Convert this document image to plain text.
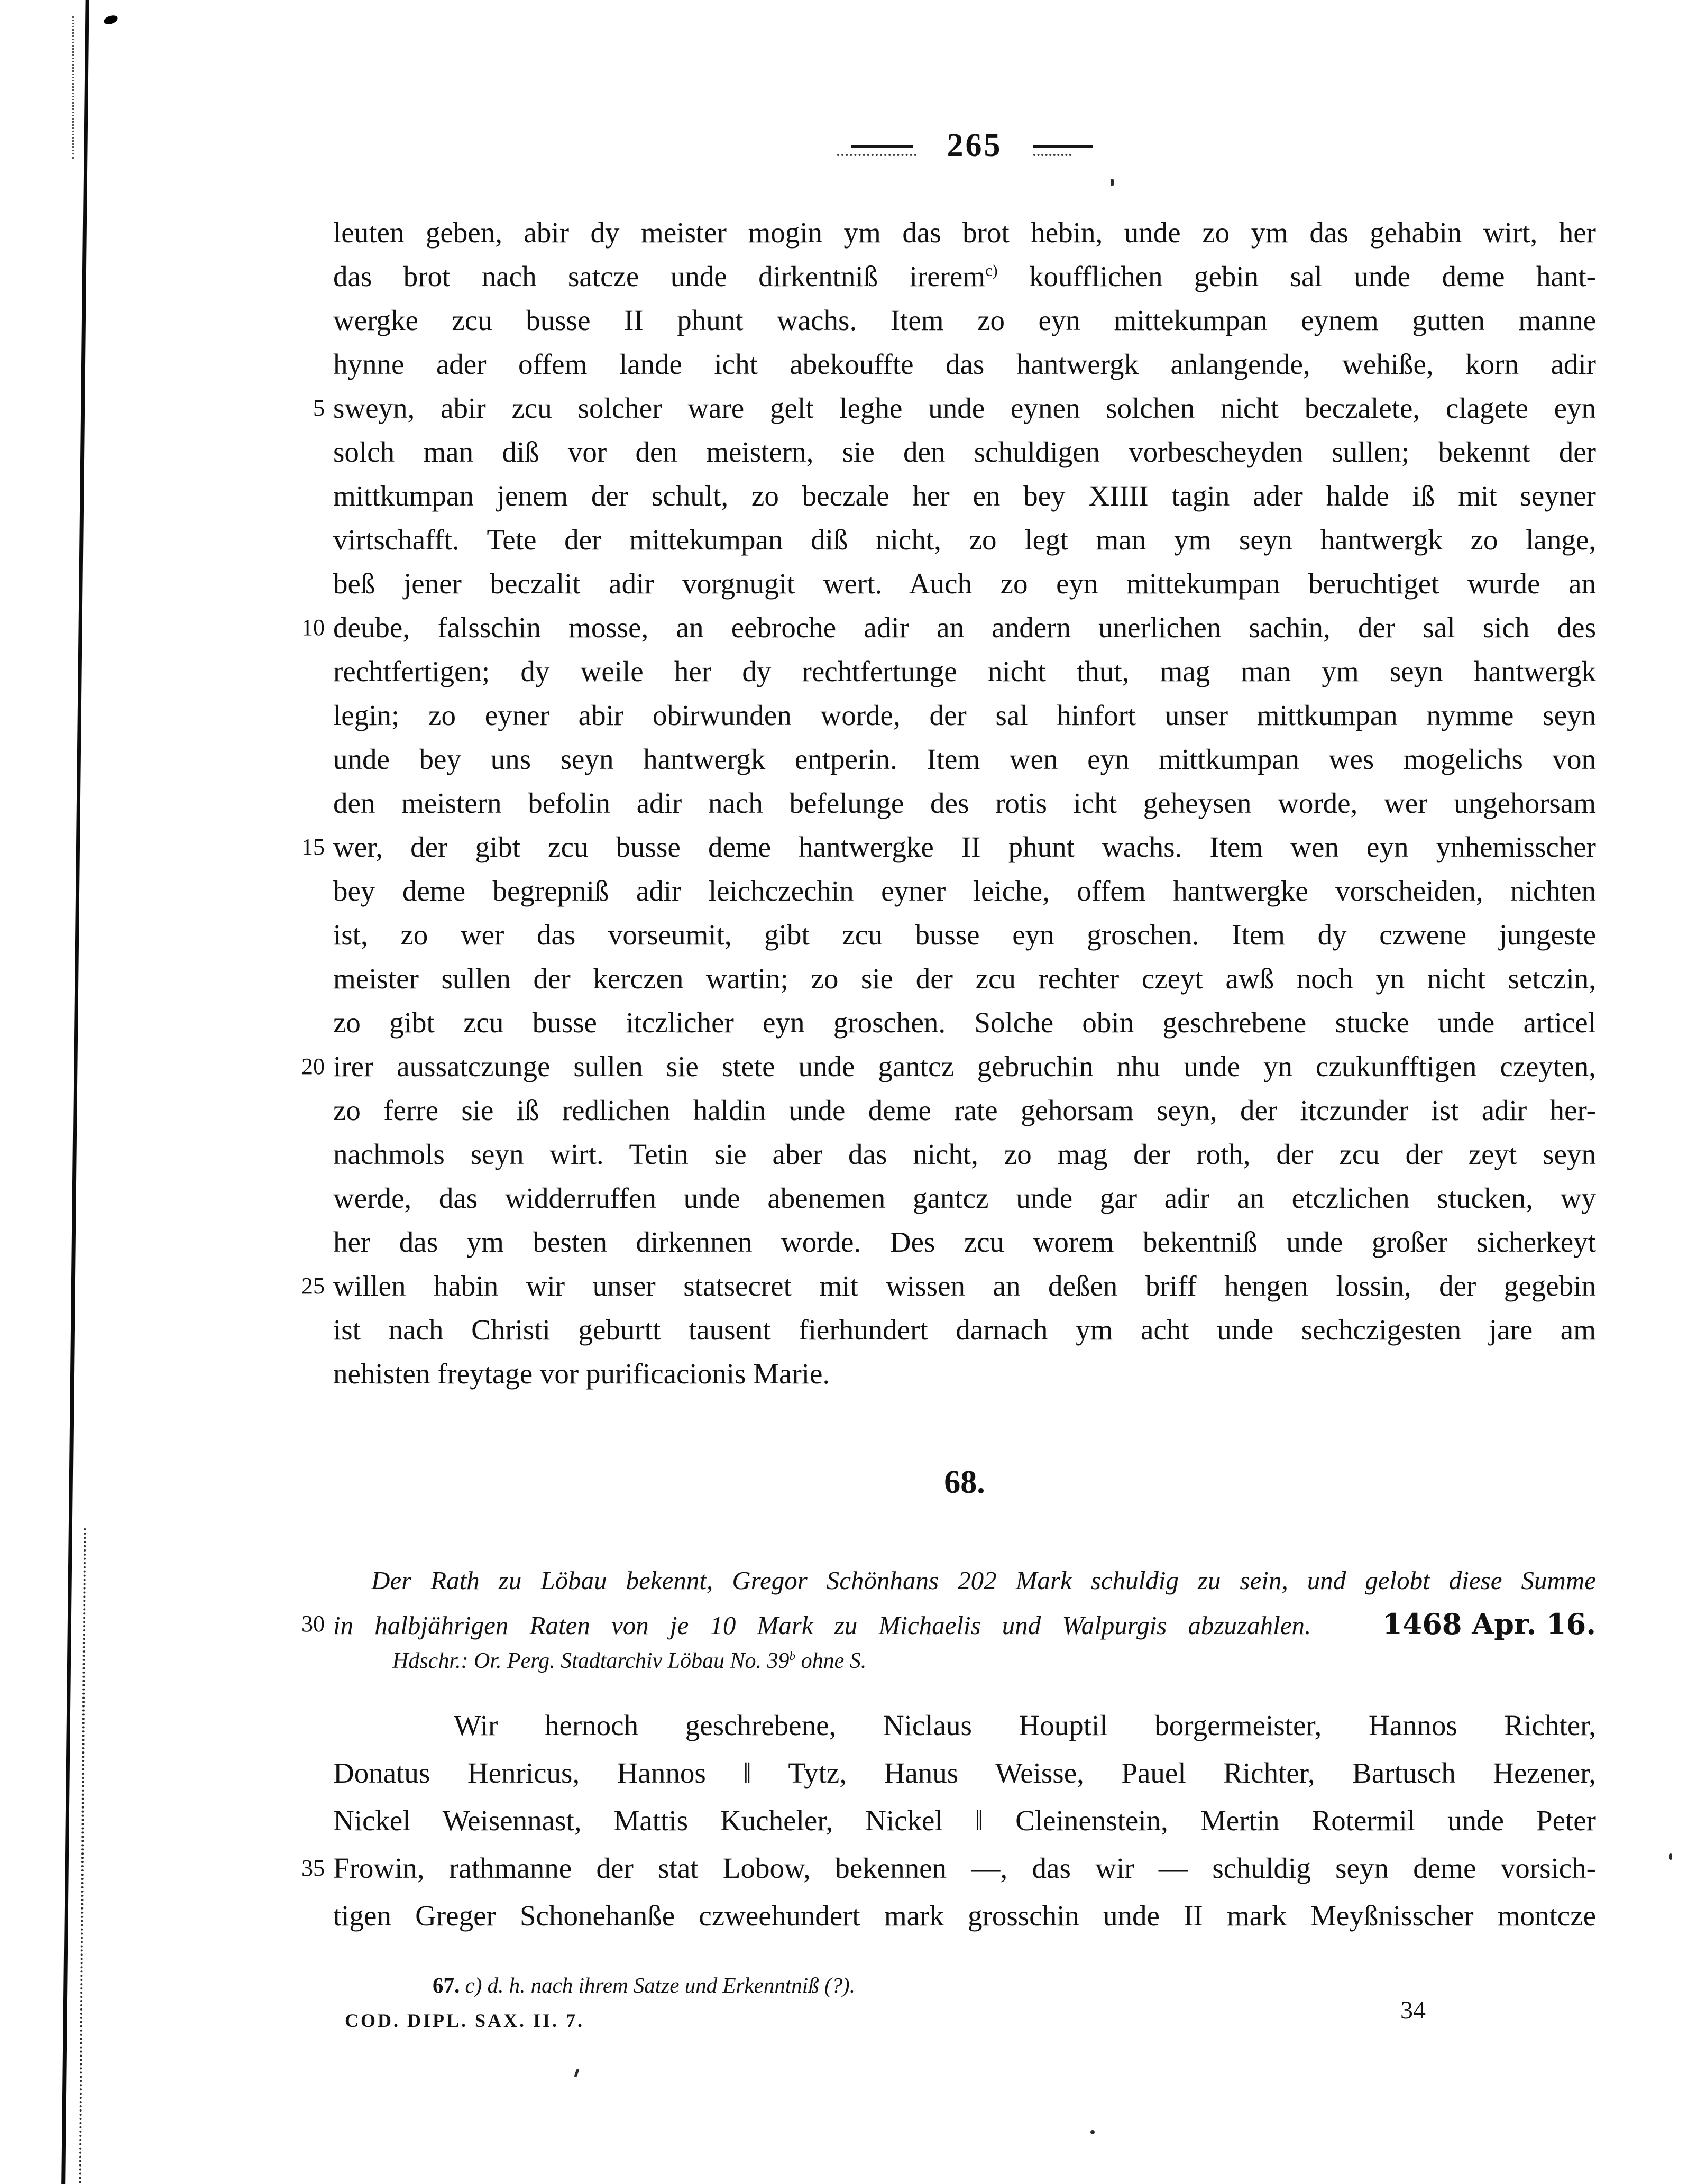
265
leuten geben, abir dy meister mogin ym das brot hebin, unde zo ym das gehabin wirt, her
das brot nach satcze unde dirkentniß irerem$^{c)}$ koufflichen gebin sal unde deme hant-
wergke zcu busse II phunt wachs. Item zo eyn mittekumpan eynem gutten manne
hynne ader offem lande icht abekouffte das hantwergk anlangende, wehiße, korn adir
5 sweyn, abir zcu solcher ware gelt leghe unde eynen solchen nicht beczalete, clagete eyn
solch man diß vor den meistern, sie den schuldigen vorbescheyden sullen; bekennt der
mittkumpan jenem der schult, zo beczale her en bey XIIII tagin ader halde iß mit seyner
virtschafft. Tete der mittekumpan diß nicht, zo legt man ym seyn hantwergk zo lange,
beß jener beczalit adir vorgnugit wert. Auch zo eyn mittekumpan beruchtiget wurde an
10 deube, falsschin mosse, an eebroche adir an andern unerlichen sachin, der sal sich des
rechtfertigen; dy weile her dy rechtfertunge nicht thut, mag man ym seyn hantwergk
legin; zo eyner abir obirwunden worde, der sal hinfort unser mittkumpan nymme seyn
unde bey uns seyn hantwergk entperin. Item wen eyn mittkumpan wes mogelichs von
den meistern befolin adir nach befelunge des rotis icht geheysen worde, wer ungehorsam
15 wer, der gibt zcu busse deme hantwergke II phunt wachs. Item wen eyn ynhemisscher
bey deme begrepniß adir leichczechin eyner leiche, offem hantwergke vorscheiden, nichten
ist, zo wer das vorseumit, gibt zcu busse eyn groschen. Item dy czwene jungeste
meister sullen der kerczen wartin; zo sie der zcu rechter czeyt awß noch yn nicht setczin,
zo gibt zcu busse itczlicher eyn groschen. Solche obin geschrebene stucke unde articel
20 irer aussatczunge sullen sie stete unde gantcz gebruchin nhu unde yn czukunfftigen czeyten,
zo ferre sie iß redlichen haldin unde deme rate gehorsam seyn, der itczunder ist adir her-
nachmols seyn wirt. Tetin sie aber das nicht, zo mag der roth, der zcu der zeyt seyn
werde, das widderruffen unde abenemen gantcz unde gar adir an etczlichen stucken, wy
her das ym besten dirkennen worde. Des zcu worem bekentniß unde großer sicherkeyt
25 willen habin wir unser statsecret mit wissen an deßen briff hengen lossin, der gegebin
ist nach Christi geburtt tausent fierhundert darnach ym acht unde sechczigesten jare am
nehisten freytage vor purificacionis Marie.
68.
Der Rath zu Löbau bekennt, Gregor Schönhans 202 Mark schuldig zu sein, und gelobt diese Summe
30 in halbjährigen Raten von je 10 Mark zu Michaelis und Walpurgis abzuzahlen.	1468 Apr. 16.
Hdschr.: Or. Perg. Stadtarchiv Löbau No. 39$^b$ ohne S.
Wir hernoch geschrebene, Niclaus Houptil borgermeister, Hannos Richter,
Donatus Henricus, Hannos ‖ Tytz, Hanus Weisse, Pauel Richter, Bartusch Hezener,
Nickel Weisennast, Mattis Kucheler, Nickel ‖ Cleinenstein, Mertin Rotermil unde Peter
35 Frowin, rathmanne der stat Lobow, bekennen —, das wir — schuldig seyn deme vorsich-
tigen Greger Schonehanße czweehundert mark grosschin unde II mark Meyßnisscher montcze
67. c) d. h. nach ihrem Satze und Erkenntniß (?).
COD. DIPL. SAX. II. 7.	34
